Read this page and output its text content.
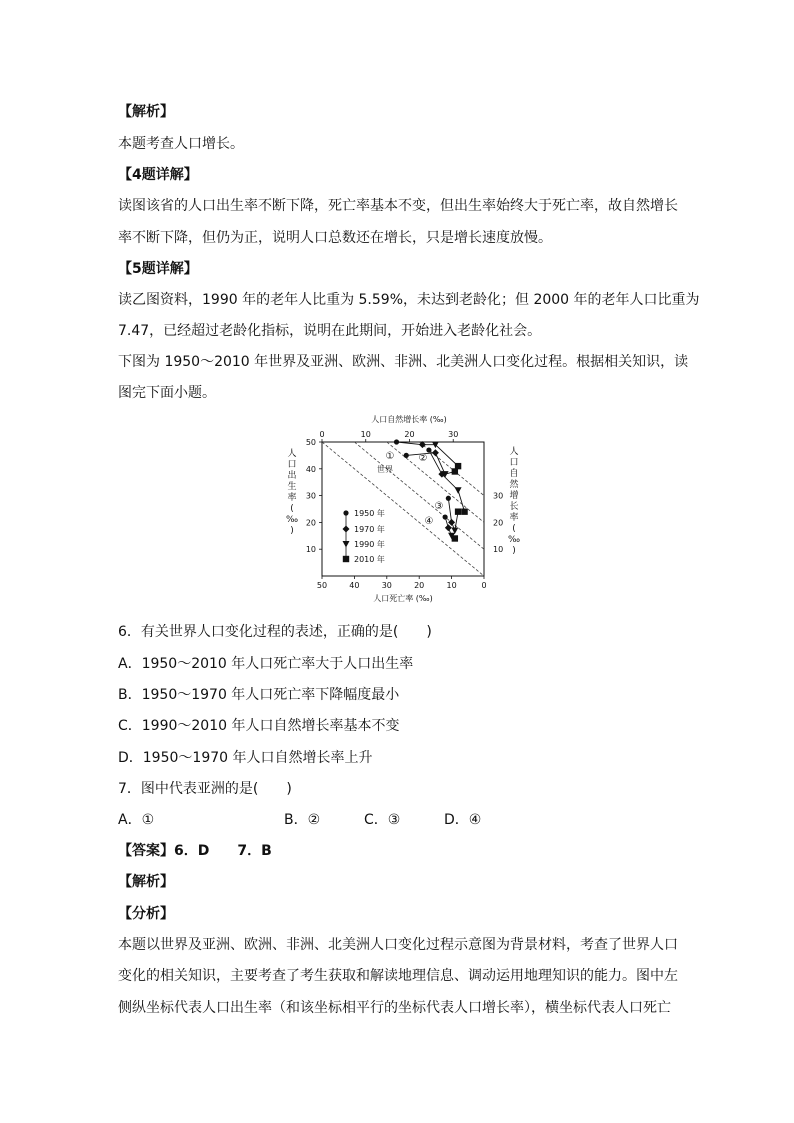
【解析】
本题考查人口增长。
【4题详解】
读图该省的人口出生率不断下降，死亡率基本不变，但出生率始终大于死亡率，故自然增长
率不断下降，但仍为正，说明人口总数还在增长，只是增长速度放慢。
【5题详解】
读乙图资料，1990 年的老年人比重为 5.59%，未达到老龄化；但 2000 年的老年人口比重为
7.47，已经超过老龄化指标，说明在此期间，开始进入老龄化社会。
下图为 1950～2010 年世界及亚洲、欧洲、非洲、北美洲人口变化过程。根据相关知识，读
图完下面小题。
50	40	30	20	10	0
人口死亡率 (‰)
0	10	20	30
人口自然增长率 (‰)
10
20
30
40
50
人
口
出
生
率
(
‰
)
10
20
30
人
口
自
然
增
长
率
(
‰
)
① ②
③
④
世界
1950 年
1970 年
1990 年
2010 年
6．有关世界人口变化过程的表述，正确的是(　　)
A．1950～2010 年人口死亡率大于人口出生率
B．1950～1970 年人口死亡率下降幅度最小
C．1990～2010 年人口自然增长率基本不变
D．1950～1970 年人口自然增长率上升
7．图中代表亚洲的是(　　)
A．①	B．②	C．③	D．④
【答案】6．D　　7．B
【解析】
【分析】
本题以世界及亚洲、欧洲、非洲、北美洲人口变化过程示意图为背景材料，考查了世界人口
变化的相关知识，主要考查了考生获取和解读地理信息、调动运用地理知识的能力。图中左
侧纵坐标代表人口出生率（和该坐标相平行的坐标代表人口增长率），横坐标代表人口死亡
